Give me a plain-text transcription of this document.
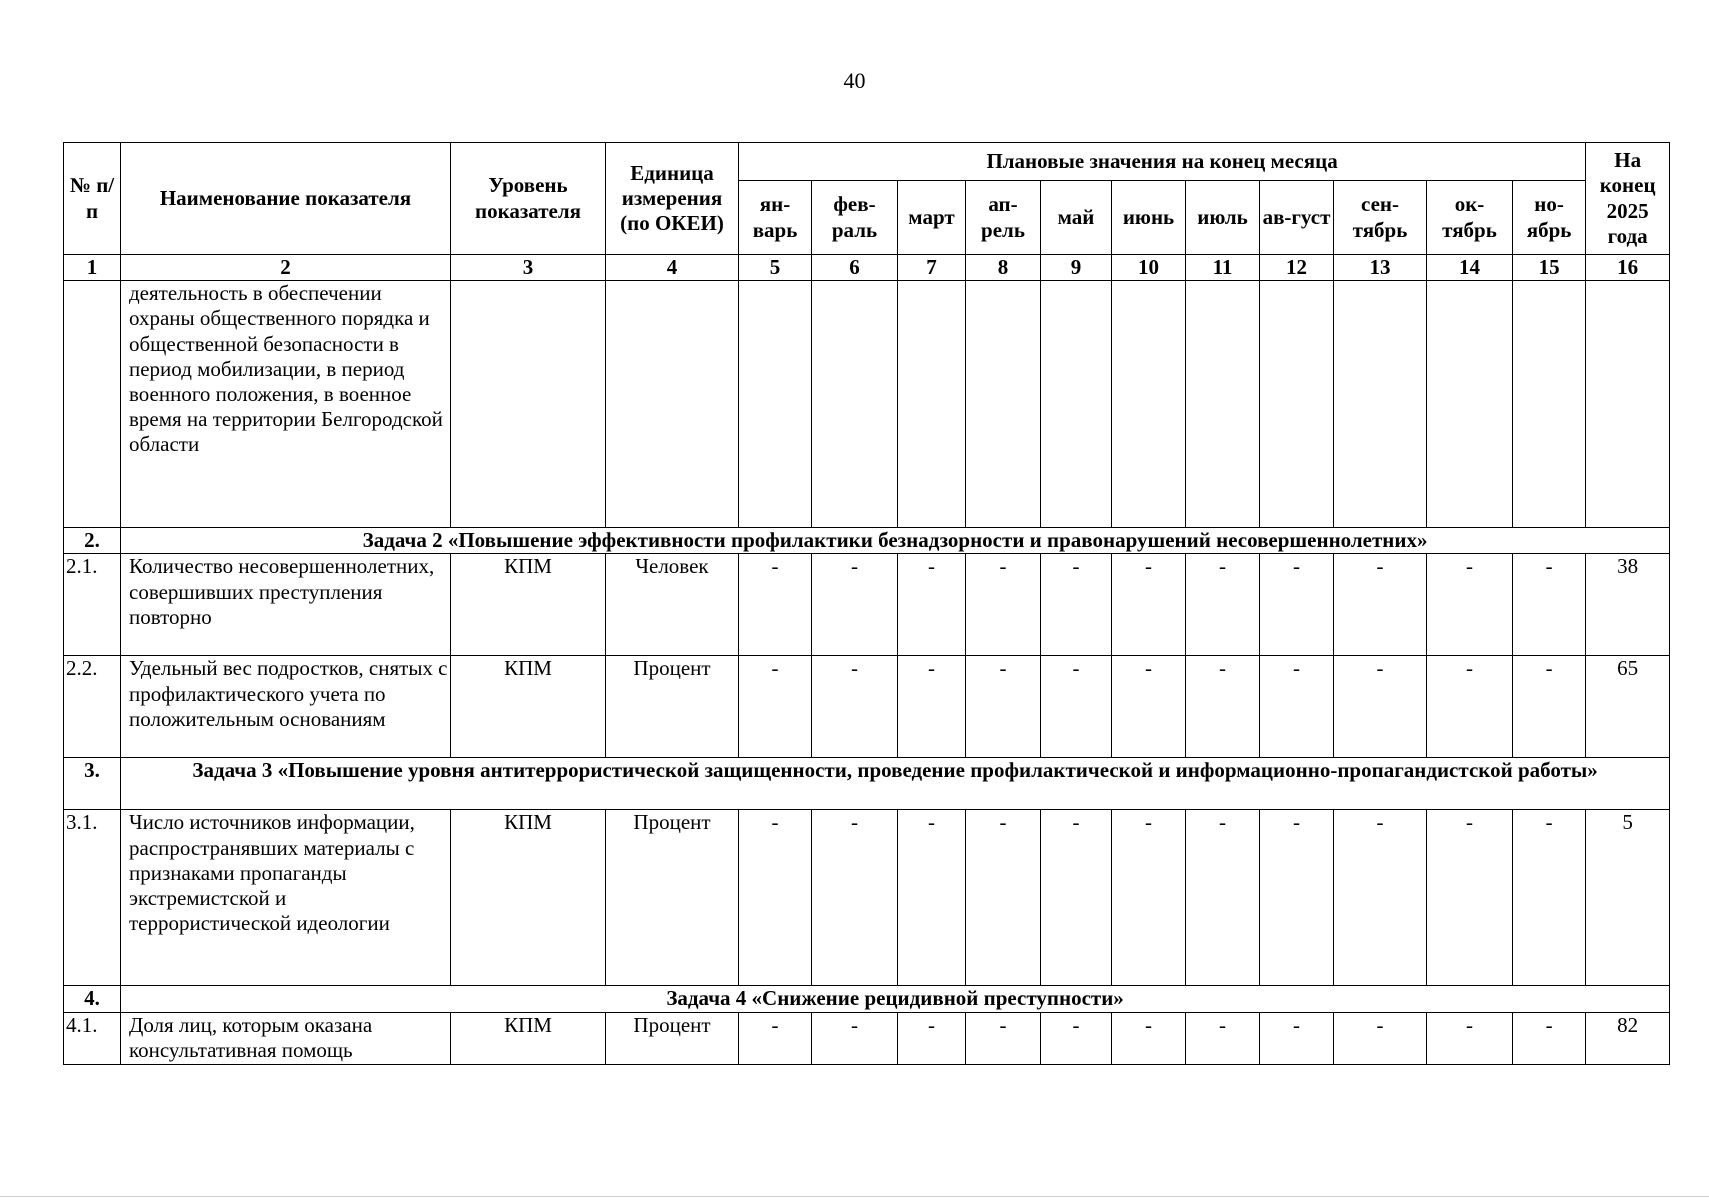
40
№ п/п	Наименование показателя	Уровень показателя	Единица измерения (по ОКЕИ)	Плановые значения на конец месяца											На конец 2025 года
				ян-варь	фев-раль	март	ап-рель	май	июнь	июль	ав-густ	сен-тябрь	ок-тябрь	но-ябрь	
1	2	3	4	5	6	7	8	9	10	11	12	13	14	15	16
	деятельность в обеспечении охраны общественного порядка и общественной безопасности в период мобилизации, в период военного положения, в военное время на территории Белгородской области														
2.	Задача 2 «Повышение эффективности профилактики безнадзорности и правонарушений несовершеннолетних»														
2.1.	Количество несовершеннолетних, совершивших преступления повторно	КПМ	Человек	-	-	-	-	-	-	-	-	-	-	-	38
2.2.	Удельный вес подростков, снятых с профилактического учета по положительным основаниям	КПМ	Процент	-	-	-	-	-	-	-	-	-	-	-	65
3.	Задача 3 «Повышение уровня антитеррористической защищенности, проведение профилактической и информационно-пропагандистской работы»														
3.1.	Число источников информации, распространявших материалы с признаками пропаганды экстремистской и террористической идеологии	КПМ	Процент	-	-	-	-	-	-	-	-	-	-	-	5
4.	Задача 4 «Снижение рецидивной преступности»														
4.1.	Доля лиц, которым оказана консультативная помощь	КПМ	Процент	-	-	-	-	-	-	-	-	-	-	-	82
